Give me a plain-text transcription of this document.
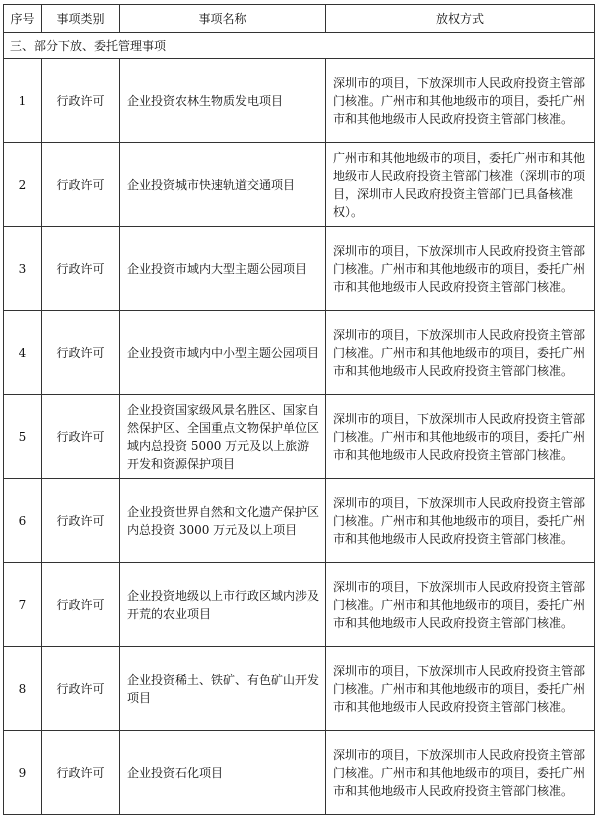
序号	事项类别	事项名称	放权方式
三、部分下放、委托管理事项			
1	行政许可	企业投资农林生物质发电项目	深圳市的项目，下放深圳市人民政府投资主管部门核准。广州市和其他地级市的项目，委托广州市和其他地级市人民政府投资主管部门核准。
2	行政许可	企业投资城市快速轨道交通项目	广州市和其他地级市的项目，委托广州市和其他地级市人民政府投资主管部门核准（深圳市的项目，深圳市人民政府投资主管部门已具备核准权）。
3	行政许可	企业投资市域内大型主题公园项目	深圳市的项目，下放深圳市人民政府投资主管部门核准。广州市和其他地级市的项目，委托广州市和其他地级市人民政府投资主管部门核准。
4	行政许可	企业投资市域内中小型主题公园项目	深圳市的项目，下放深圳市人民政府投资主管部门核准。广州市和其他地级市的项目，委托广州市和其他地级市人民政府投资主管部门核准。
5	行政许可	企业投资国家级风景名胜区、国家自然保护区、全国重点文物保护单位区域内总投资 5000 万元及以上旅游开发和资源保护项目	深圳市的项目，下放深圳市人民政府投资主管部门核准。广州市和其他地级市的项目，委托广州市和其他地级市人民政府投资主管部门核准。
6	行政许可	企业投资世界自然和文化遗产保护区内总投资 3000 万元及以上项目	深圳市的项目，下放深圳市人民政府投资主管部门核准。广州市和其他地级市的项目，委托广州市和其他地级市人民政府投资主管部门核准。
7	行政许可	企业投资地级以上市行政区域内涉及开荒的农业项目	深圳市的项目，下放深圳市人民政府投资主管部门核准。广州市和其他地级市的项目，委托广州市和其他地级市人民政府投资主管部门核准。
8	行政许可	企业投资稀土、铁矿、有色矿山开发项目	深圳市的项目，下放深圳市人民政府投资主管部门核准。广州市和其他地级市的项目，委托广州市和其他地级市人民政府投资主管部门核准。
9	行政许可	企业投资石化项目	深圳市的项目，下放深圳市人民政府投资主管部门核准。广州市和其他地级市的项目，委托广州市和其他地级市人民政府投资主管部门核准。
